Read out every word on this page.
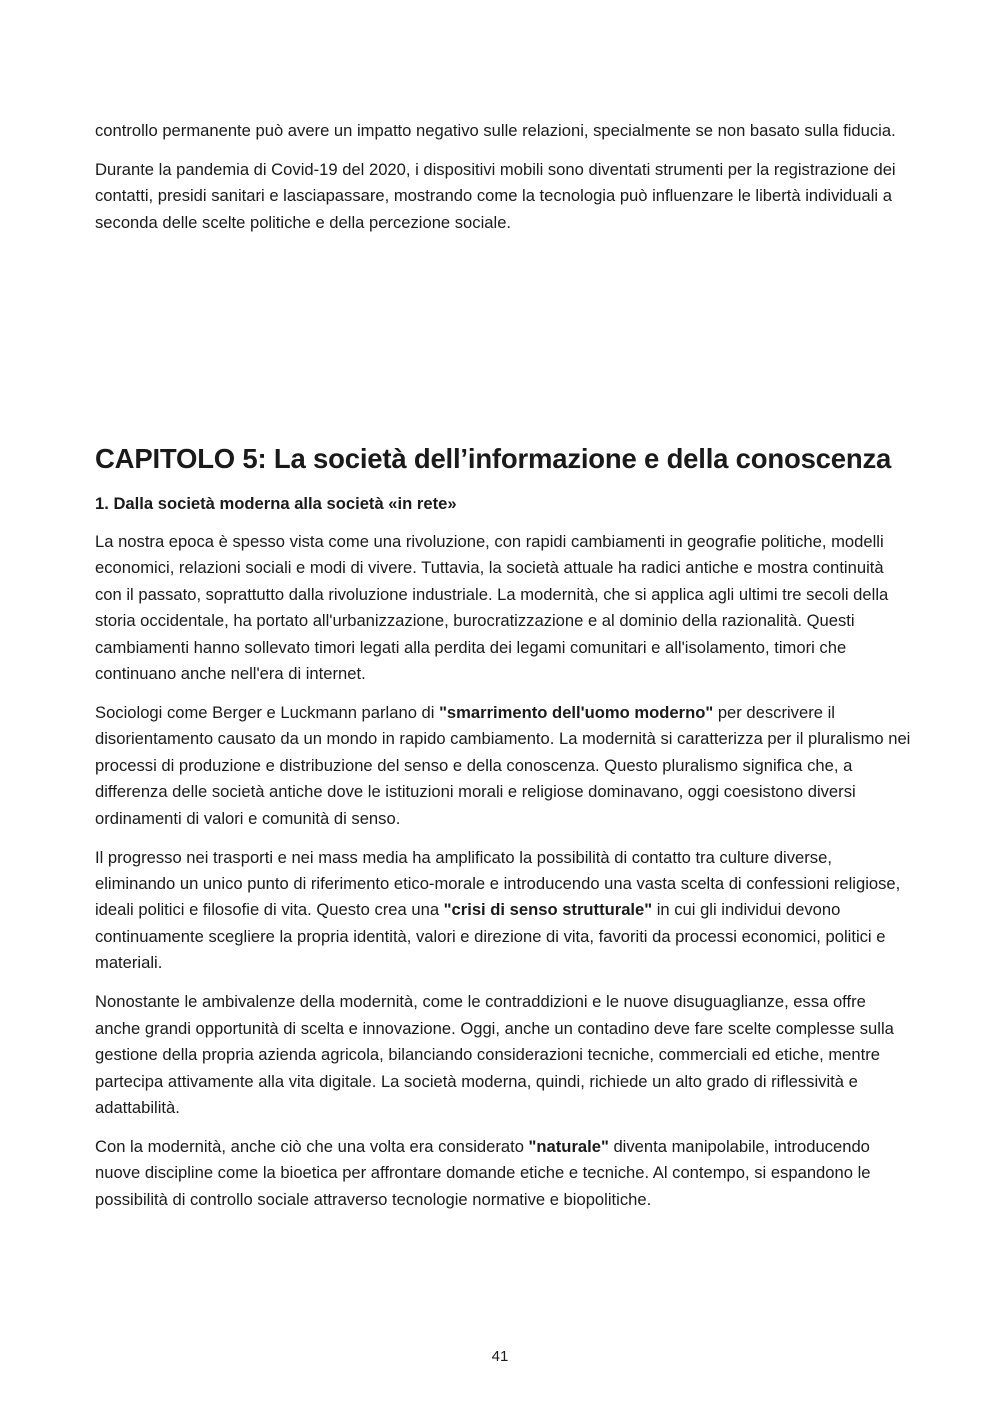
controllo permanente può avere un impatto negativo sulle relazioni, specialmente se non basato sulla fiducia.

Durante la pandemia di Covid-19 del 2020, i dispositivi mobili sono diventati strumenti per la registrazione dei contatti, presidi sanitari e lasciapassare, mostrando come la tecnologia può influenzare le libertà individuali a seconda delle scelte politiche e della percezione sociale.

CAPITOLO 5: La società dell’informazione e della conoscenza
1. Dalla società moderna alla società «in rete»

La nostra epoca è spesso vista come una rivoluzione, con rapidi cambiamenti in geografie politiche, modelli economici, relazioni sociali e modi di vivere. Tuttavia, la società attuale ha radici antiche e mostra continuità con il passato, soprattutto dalla rivoluzione industriale. La modernità, che si applica agli ultimi tre secoli della storia occidentale, ha portato all'urbanizzazione, burocratizzazione e al dominio della razionalità. Questi cambiamenti hanno sollevato timori legati alla perdita dei legami comunitari e all'isolamento, timori che continuano anche nell'era di internet.

Sociologi come Berger e Luckmann parlano di "smarrimento dell'uomo moderno" per descrivere il disorientamento causato da un mondo in rapido cambiamento. La modernità si caratterizza per il pluralismo nei processi di produzione e distribuzione del senso e della conoscenza. Questo pluralismo significa che, a differenza delle società antiche dove le istituzioni morali e religiose dominavano, oggi coesistono diversi ordinamenti di valori e comunità di senso.

Il progresso nei trasporti e nei mass media ha amplificato la possibilità di contatto tra culture diverse, eliminando un unico punto di riferimento etico-morale e introducendo una vasta scelta di confessioni religiose, ideali politici e filosofie di vita. Questo crea una "crisi di senso strutturale" in cui gli individui devono continuamente scegliere la propria identità, valori e direzione di vita, favoriti da processi economici, politici e materiali.

Nonostante le ambivalenze della modernità, come le contraddizioni e le nuove disuguaglianze, essa offre anche grandi opportunità di scelta e innovazione. Oggi, anche un contadino deve fare scelte complesse sulla gestione della propria azienda agricola, bilanciando considerazioni tecniche, commerciali ed etiche, mentre partecipa attivamente alla vita digitale. La società moderna, quindi, richiede un alto grado di riflessività e adattabilità.

Con la modernità, anche ciò che una volta era considerato "naturale" diventa manipolabile, introducendo nuove discipline come la bioetica per affrontare domande etiche e tecniche. Al contempo, si espandono le possibilità di controllo sociale attraverso tecnologie normative e biopolitiche.

41
